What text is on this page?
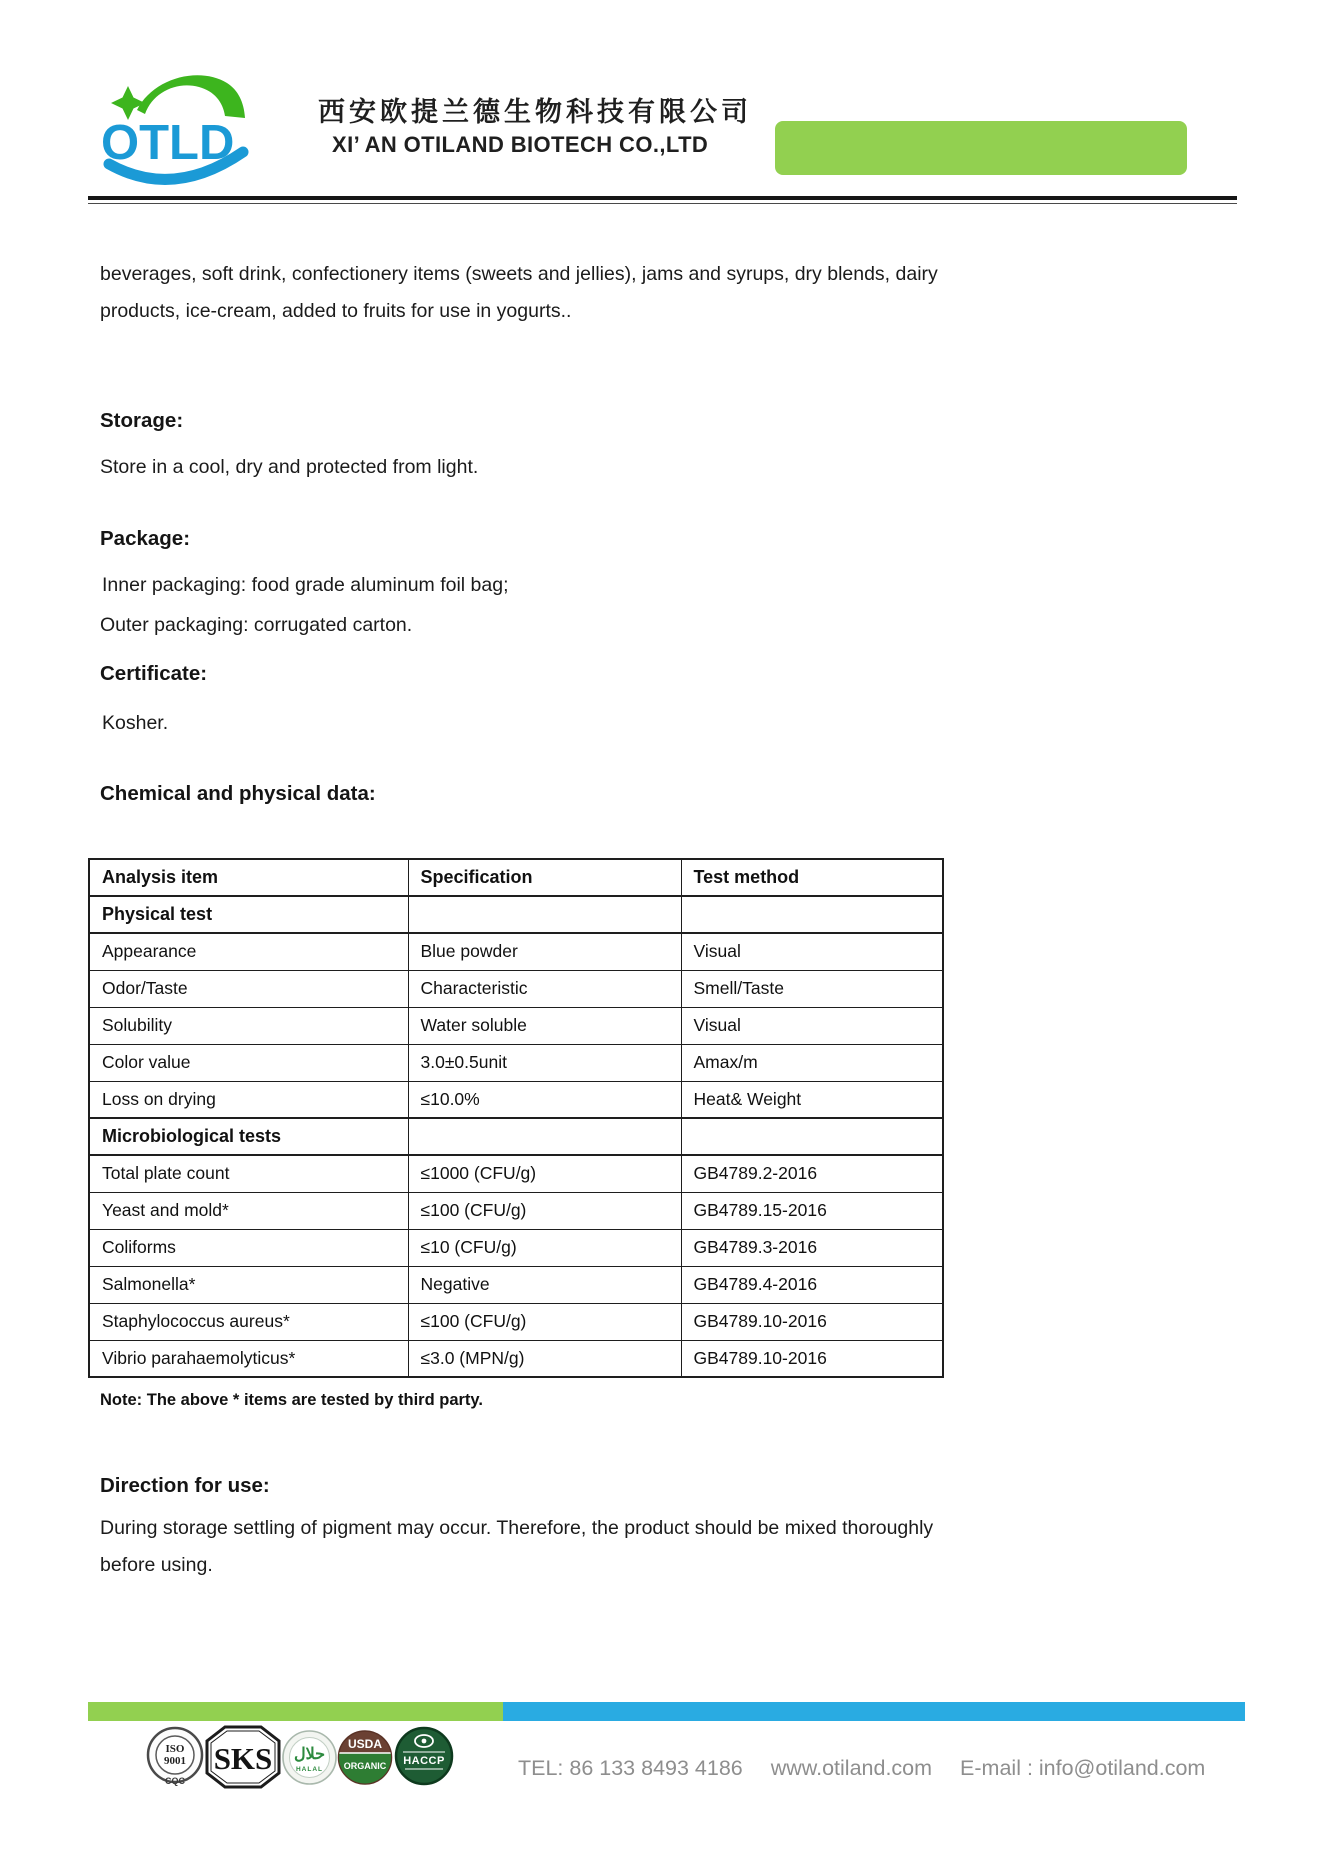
OTLD
西安欧提兰德生物科技有限公司
XI’ AN OTILAND BIOTECH CO.,LTD
beverages, soft drink, confectionery items (sweets and jellies), jams and syrups, dry blends, dairy
products, ice-cream, added to fruits for use in yogurts..
Storage:
Store in a cool, dry and protected from light.
Package:
Inner packaging: food grade aluminum foil bag;
Outer packaging: corrugated carton.
Certificate:
Kosher.
Chemical and physical data:
Analysis item	Specification	Test method
Physical test		
Appearance	Blue powder	Visual
Odor/Taste	Characteristic	Smell/Taste
Solubility	Water soluble	Visual
Color value	3.0±0.5unit	Amax/m
Loss on drying	≤10.0%	Heat& Weight
Microbiological tests		
Total plate count	≤1000 (CFU/g)	GB4789.2-2016
Yeast and mold*	≤100 (CFU/g)	GB4789.15-2016
Coliforms	≤10 (CFU/g)	GB4789.3-2016
Salmonella*	Negative	GB4789.4-2016
Staphylococcus aureus*	≤100 (CFU/g)	GB4789.10-2016
Vibrio parahaemolyticus*	≤3.0 (MPN/g)	GB4789.10-2016
Note: The above * items are tested by third party.
Direction for use:
During storage settling of pigment may occur. Therefore, the product should be mixed thoroughly
before using.
ISO
9001
CQC
SKS حلال
HALAL
USDA
ORGANIC HACCP	TEL: 86 133 8493 4186 www.otiland.com E-mail : info@otiland.com
